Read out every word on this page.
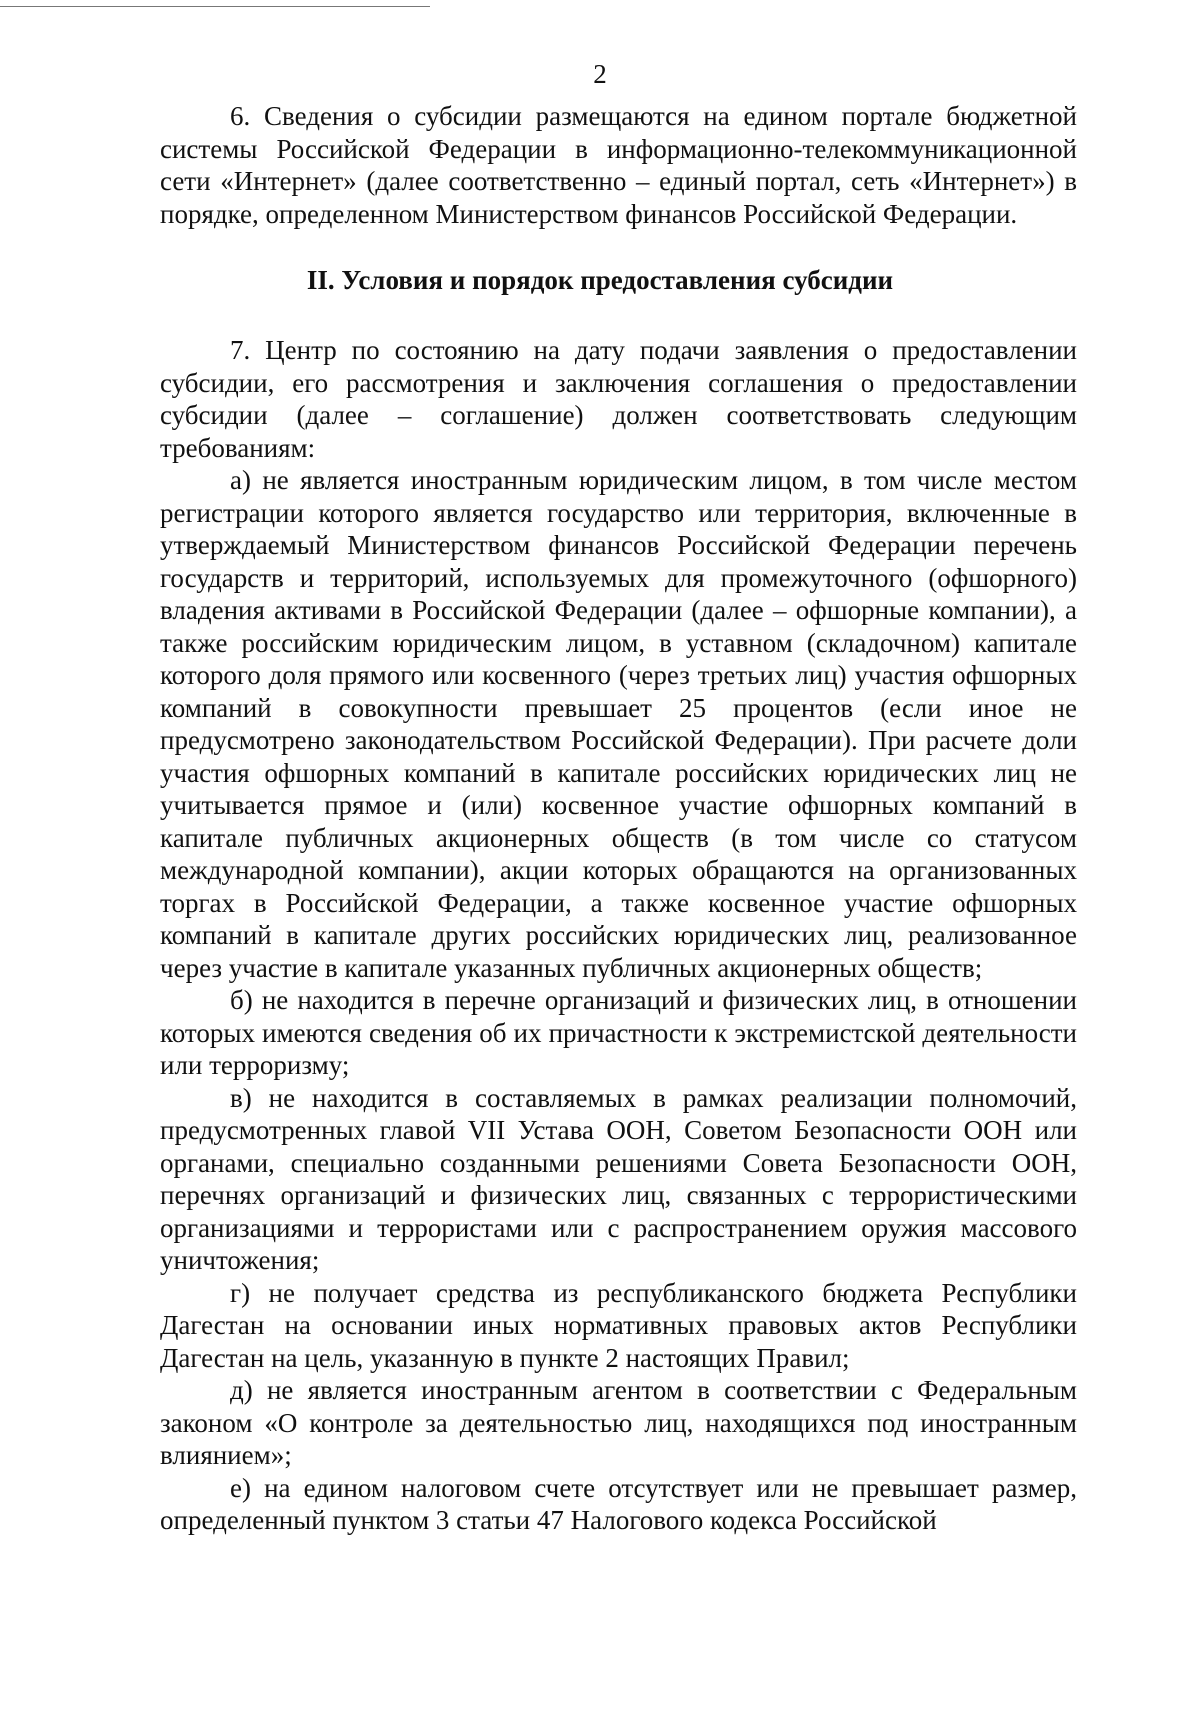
2

6. Сведения о субсидии размещаются на едином портале бюджетной системы Российской Федерации в информационно-телекоммуникационной сети «Интернет» (далее соответственно – единый портал, сеть «Интернет») в порядке, определенном Министерством финансов Российской Федерации.

II. Условия и порядок предоставления субсидии

7. Центр по состоянию на дату подачи заявления о предоставлении субсидии, его рассмотрения и заключения соглашения о предоставлении субсидии (далее – соглашение) должен соответствовать следующим требованиям:

а) не является иностранным юридическим лицом, в том числе местом регистрации которого является государство или территория, включенные в утверждаемый Министерством финансов Российской Федерации перечень государств и территорий, используемых для промежуточного (офшорного) владения активами в Российской Федерации (далее – офшорные компании), а также российским юридическим лицом, в уставном (складочном) капитале которого доля прямого или косвенного (через третьих лиц) участия офшорных компаний в совокупности превышает 25 процентов (если иное не предусмотрено законодательством Российской Федерации). При расчете доли участия офшорных компаний в капитале российских юридических лиц не учитывается прямое и (или) косвенное участие офшорных компаний в капитале публичных акционерных обществ (в том числе со статусом международной компании), акции которых обращаются на организованных торгах в Российской Федерации, а также косвенное участие офшорных компаний в капитале других российских юридических лиц, реализованное через участие в капитале указанных публичных акционерных обществ;

б) не находится в перечне организаций и физических лиц, в отношении которых имеются сведения об их причастности к экстремистской деятельности или терроризму;

в) не находится в составляемых в рамках реализации полномочий, предусмотренных главой VII Устава ООН, Советом Безопасности ООН или органами, специально созданными решениями Совета Безопасности ООН, перечнях организаций и физических лиц, связанных с террористическими организациями и террористами или с распространением оружия массового уничтожения;

г) не получает средства из республиканского бюджета Республики Дагестан на основании иных нормативных правовых актов Республики Дагестан на цель, указанную в пункте 2 настоящих Правил;

д) не является иностранным агентом в соответствии с Федеральным законом «О контроле за деятельностью лиц, находящихся под иностранным влиянием»;

е) на едином налоговом счете отсутствует или не превышает размер, определенный пунктом 3 статьи 47 Налогового кодекса Российской
